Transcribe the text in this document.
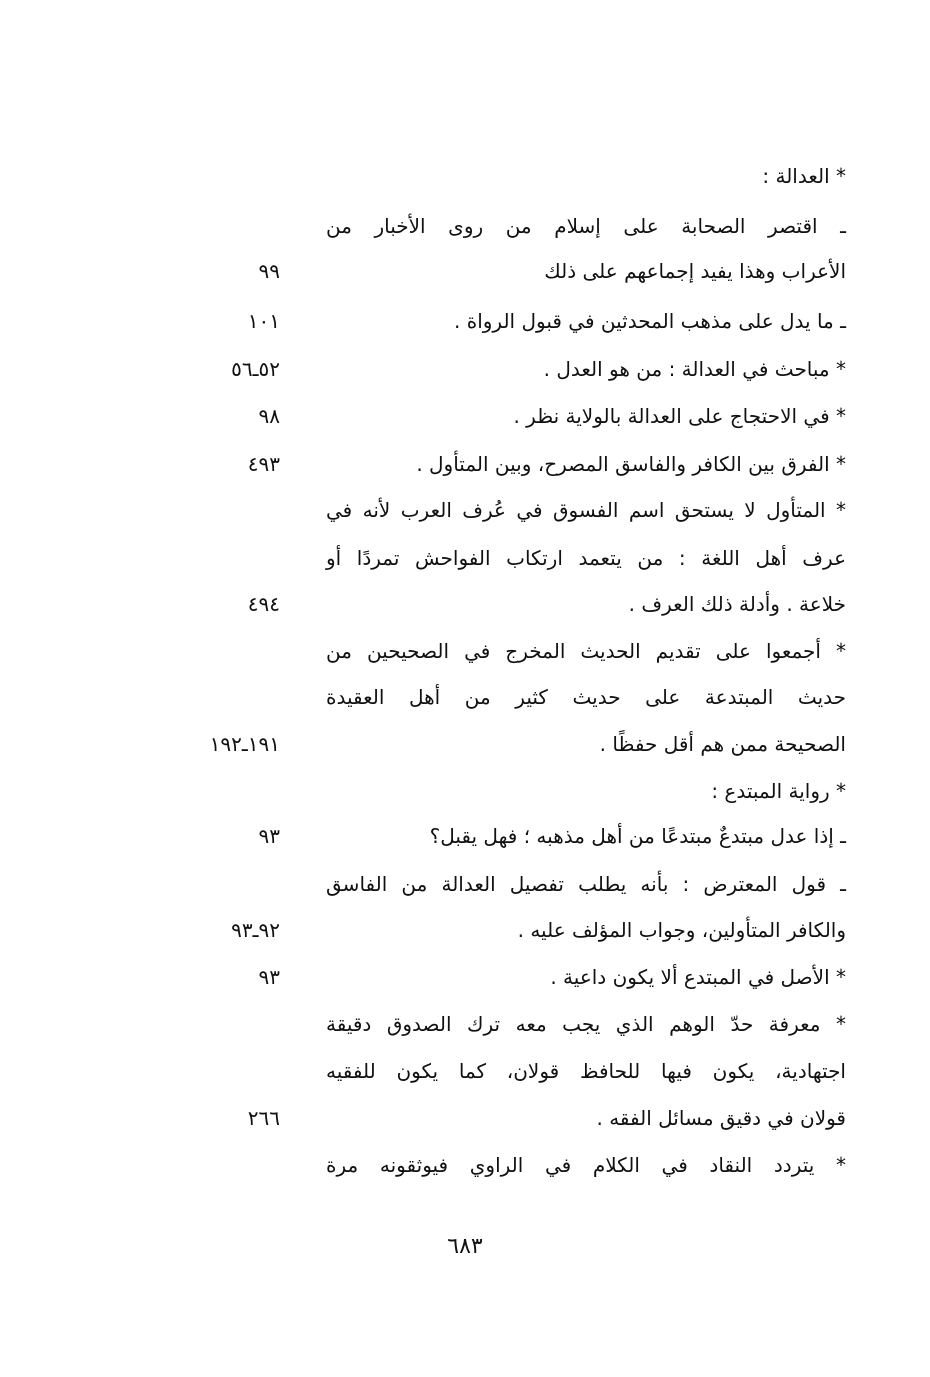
* العدالة :
ـ اقتصر الصحابة على إسلام من روى الأخبار من
الأعراب وهذا يفيد إجماعهم على ذلك
ـ ما يدل على مذهب المحدثين في قبول الرواة .
* مباحث في العدالة : من هو العدل .
* في الاحتجاج على العدالة بالولاية نظر .
* الفرق بين الكافر والفاسق المصرح، وبين المتأول .
* المتأول لا يستحق اسم الفسوق في عُرف العرب لأنه في
عرف أهل اللغة : من يتعمد ارتكاب الفواحش تمردًا أو
خلاعة . وأدلة ذلك العرف .
* أجمعوا على تقديم الحديث المخرج في الصحيحين من
حديث المبتدعة على حديث كثير من أهل العقيدة
الصحيحة ممن هم أقل حفظًا .
* رواية المبتدع :
ـ إذا عدل مبتدعٌ مبتدعًا من أهل مذهبه ؛ فهل يقبل؟
ـ قول المعترض : بأنه يطلب تفصيل العدالة من الفاسق
والكافر المتأولين، وجواب المؤلف عليه .
* الأصل في المبتدع ألا يكون داعية .
* معرفة حدّ الوهم الذي يجب معه ترك الصدوق دقيقة
اجتهادية، يكون فيها للحافظ قولان، كما يكون للفقيه
قولان في دقيق مسائل الفقه .
* يتردد النقاد في الكلام في الراوي فيوثقونه مرة
٩٩
١٠١
٥٢ـ٥٦
٩٨
٤٩٣
٤٩٤
١٩١ـ١٩٢
٩٣
٩٢ـ٩٣
٩٣
٢٦٦
٦٨٣
